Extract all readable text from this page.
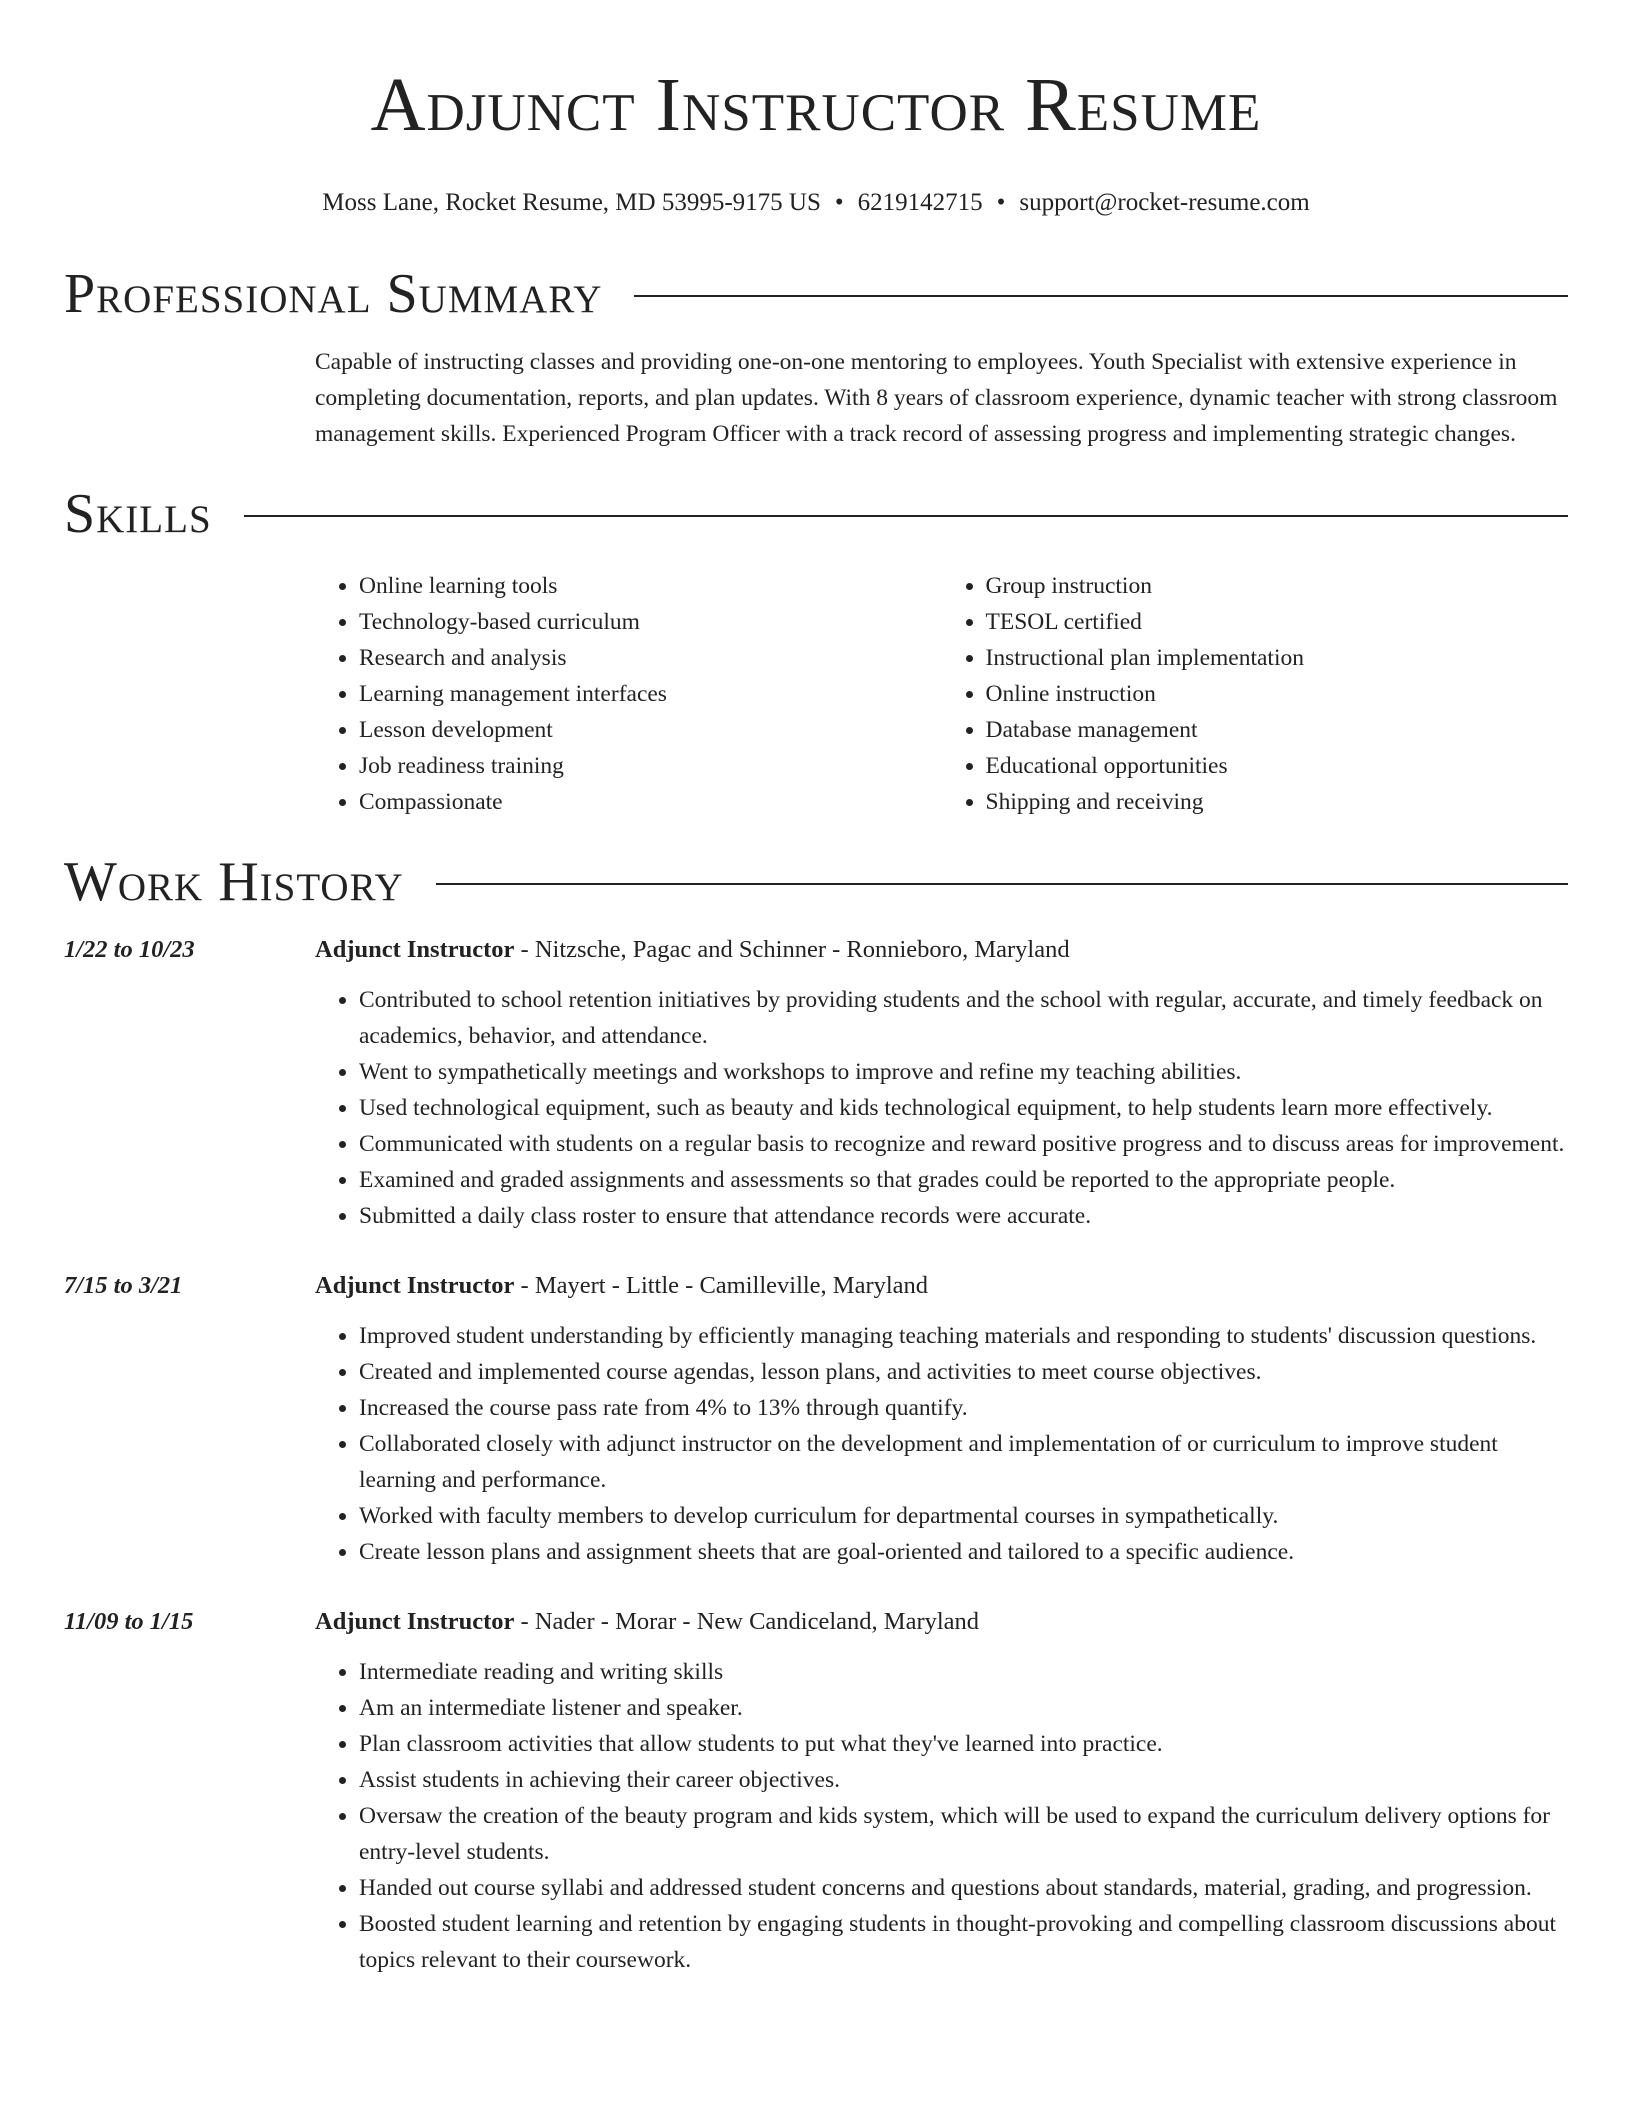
Adjunct Instructor Resume
Moss Lane, Rocket Resume, MD 53995-9175 US • 6219142715 • support@rocket-resume.com
Professional Summary
Capable of instructing classes and providing one-on-one mentoring to employees. Youth Specialist with extensive experience in completing documentation, reports, and plan updates. With 8 years of classroom experience, dynamic teacher with strong classroom management skills. Experienced Program Officer with a track record of assessing progress and implementing strategic changes.
Skills
• Online learning tools
• Technology-based curriculum
• Research and analysis
• Learning management interfaces
• Lesson development
• Job readiness training
• Compassionate
• Group instruction
• TESOL certified
• Instructional plan implementation
• Online instruction
• Database management
• Educational opportunities
• Shipping and receiving
Work History
1/22 to 10/23	Adjunct Instructor - Nitzsche, Pagac and Schinner - Ronnieboro, Maryland
• Contributed to school retention initiatives by providing students and the school with regular, accurate, and timely feedback on academics, behavior, and attendance.
• Went to sympathetically meetings and workshops to improve and refine my teaching abilities.
• Used technological equipment, such as beauty and kids technological equipment, to help students learn more effectively.
• Communicated with students on a regular basis to recognize and reward positive progress and to discuss areas for improvement.
• Examined and graded assignments and assessments so that grades could be reported to the appropriate people.
• Submitted a daily class roster to ensure that attendance records were accurate.
7/15 to 3/21	Adjunct Instructor - Mayert - Little - Camilleville, Maryland
• Improved student understanding by efficiently managing teaching materials and responding to students' discussion questions.
• Created and implemented course agendas, lesson plans, and activities to meet course objectives.
• Increased the course pass rate from 4% to 13% through quantify.
• Collaborated closely with adjunct instructor on the development and implementation of or curriculum to improve student learning and performance.
• Worked with faculty members to develop curriculum for departmental courses in sympathetically.
• Create lesson plans and assignment sheets that are goal-oriented and tailored to a specific audience.
11/09 to 1/15	Adjunct Instructor - Nader - Morar - New Candiceland, Maryland
• Intermediate reading and writing skills
• Am an intermediate listener and speaker.
• Plan classroom activities that allow students to put what they've learned into practice.
• Assist students in achieving their career objectives.
• Oversaw the creation of the beauty program and kids system, which will be used to expand the curriculum delivery options for entry-level students.
• Handed out course syllabi and addressed student concerns and questions about standards, material, grading, and progression.
• Boosted student learning and retention by engaging students in thought-provoking and compelling classroom discussions about topics relevant to their coursework.
